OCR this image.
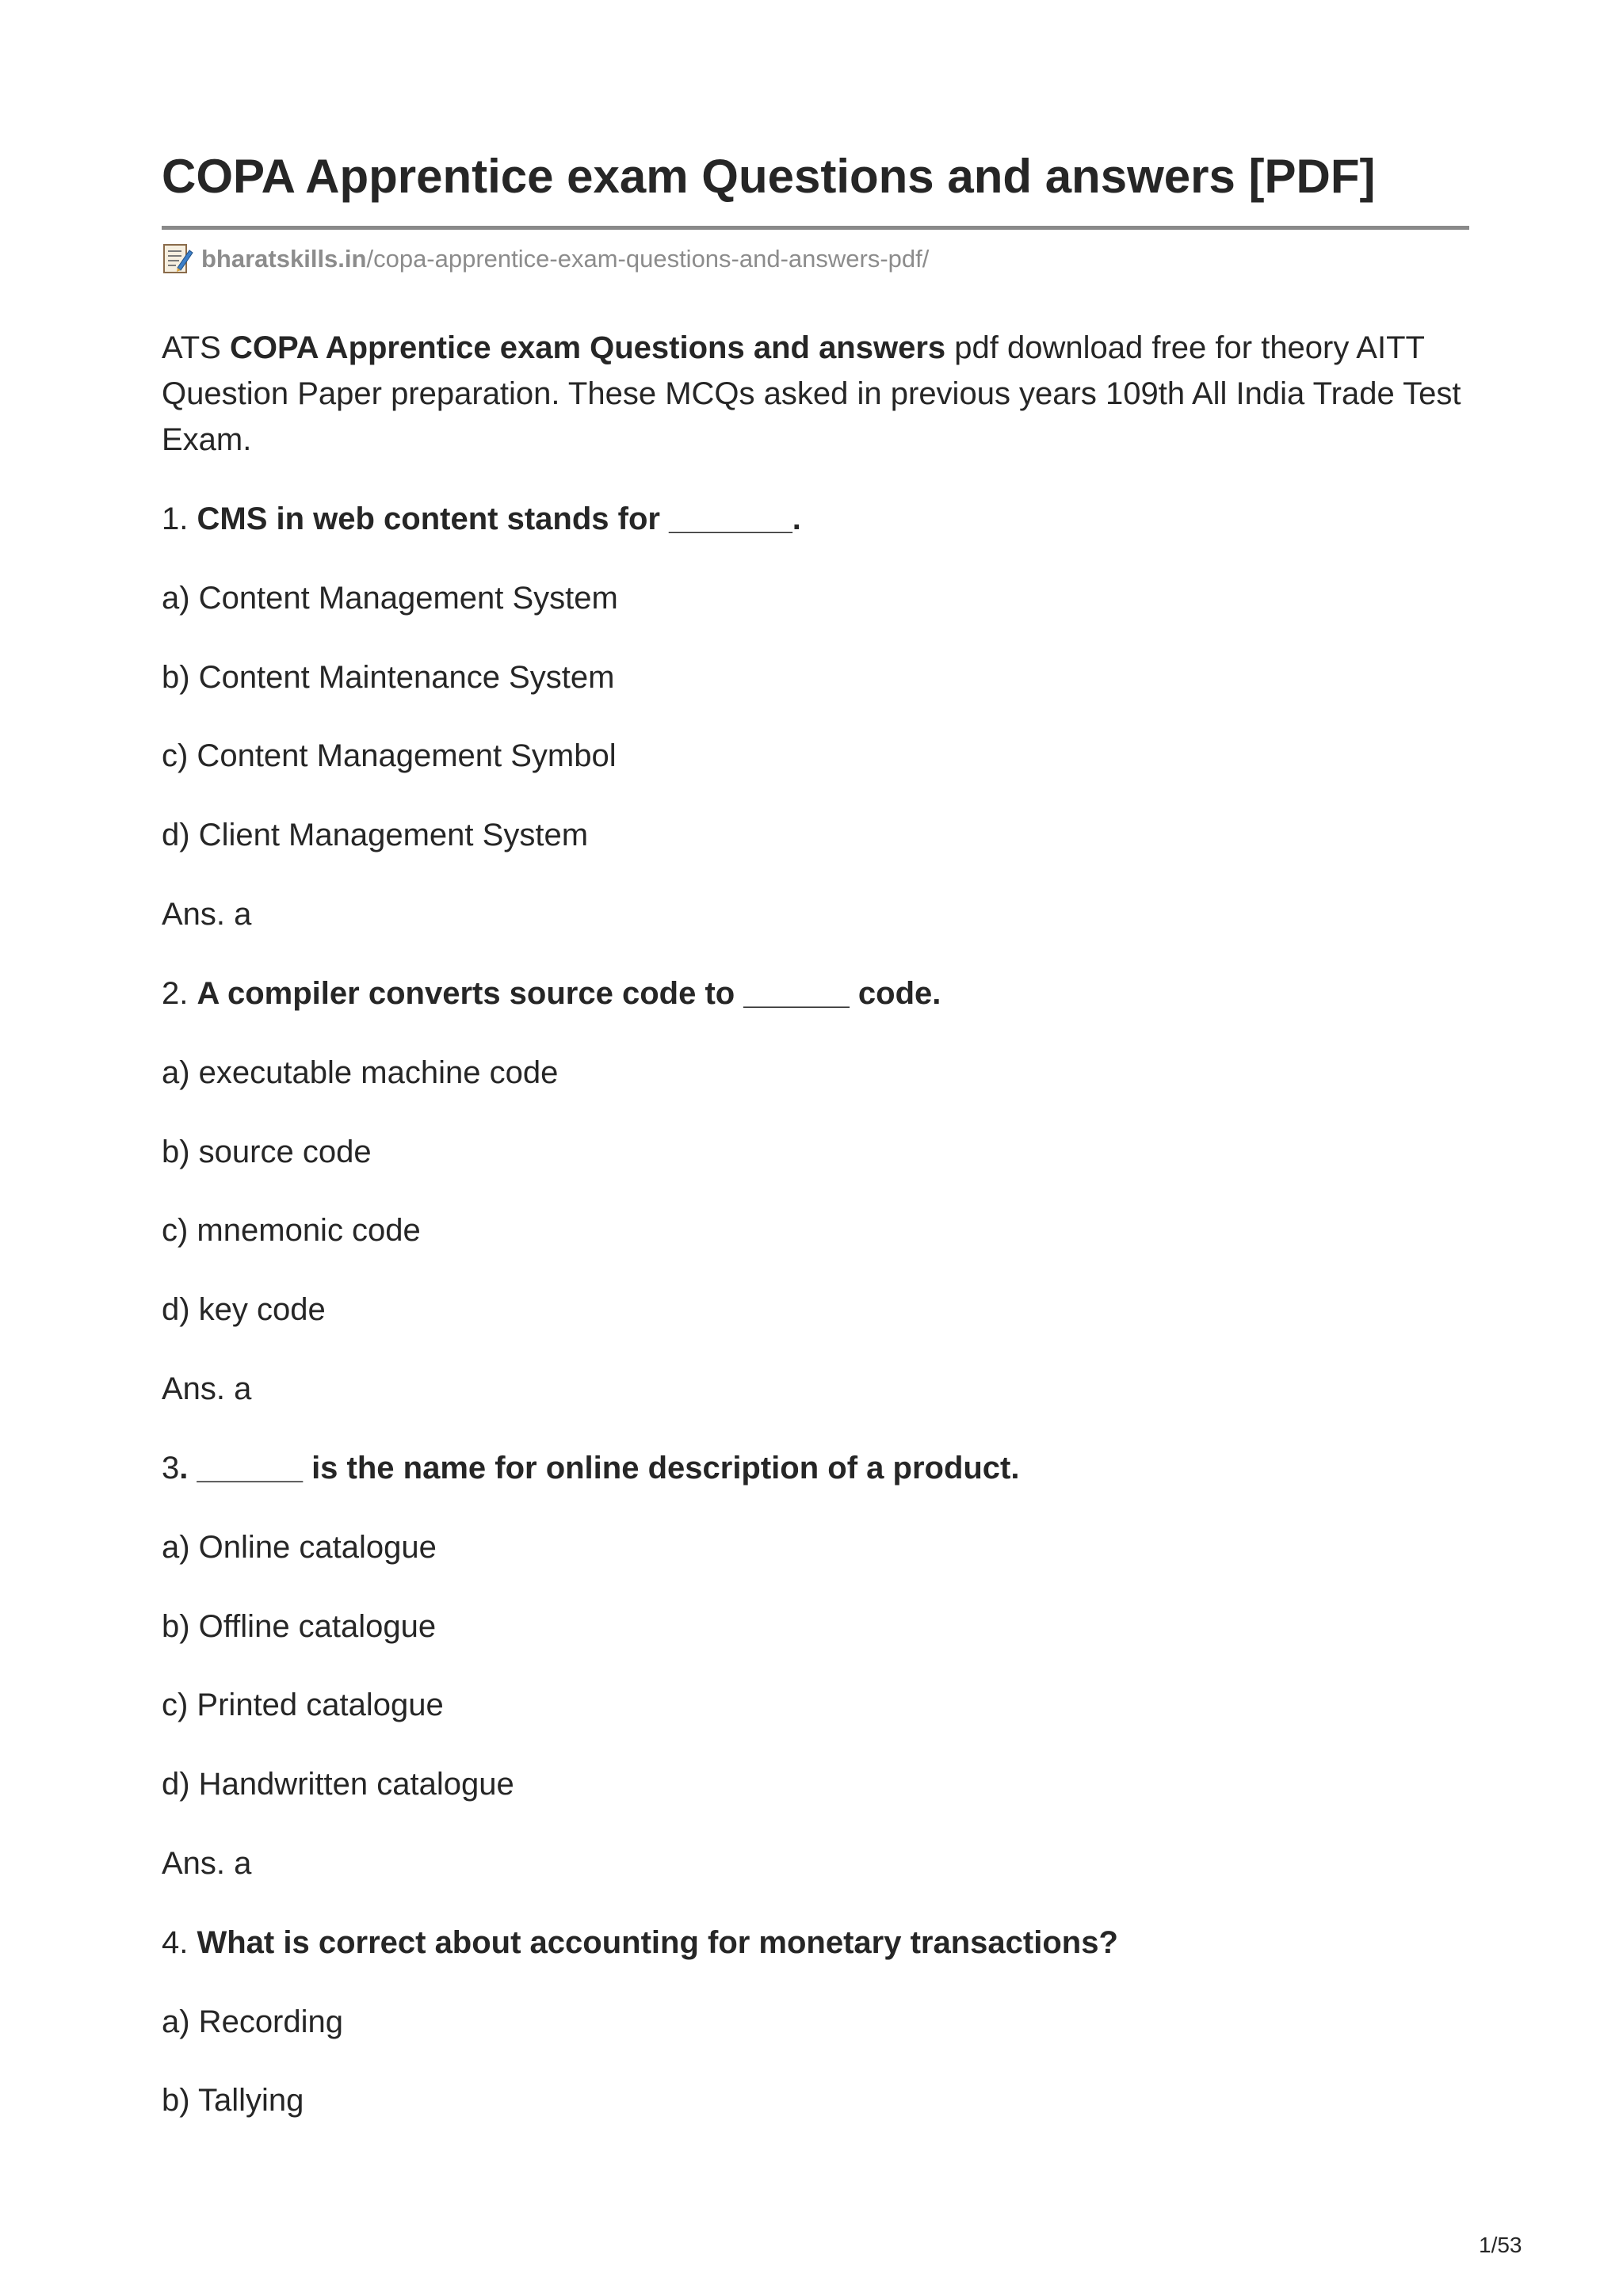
COPA Apprentice exam Questions and answers [PDF]
bharatskills.in /copa-apprentice-exam-questions-and-answers-pdf/

ATS COPA Apprentice exam Questions and answers pdf download free for theory AITT Question Paper preparation. These MCQs asked in previous years 109th All India Trade Test Exam.

1. CMS in web content stands for _______.

a) Content Management System

b) Content Maintenance System

c) Content Management Symbol

d) Client Management System

Ans. a

2. A compiler converts source code to ______ code.

a) executable machine code

b) source code

c) mnemonic code

d) key code

Ans. a

3. ______ is the name for online description of a product.

a) Online catalogue

b) Offline catalogue

c) Printed catalogue

d) Handwritten catalogue

Ans. a

4. What is correct about accounting for monetary transactions?

a) Recording

b) Tallying

1/53
